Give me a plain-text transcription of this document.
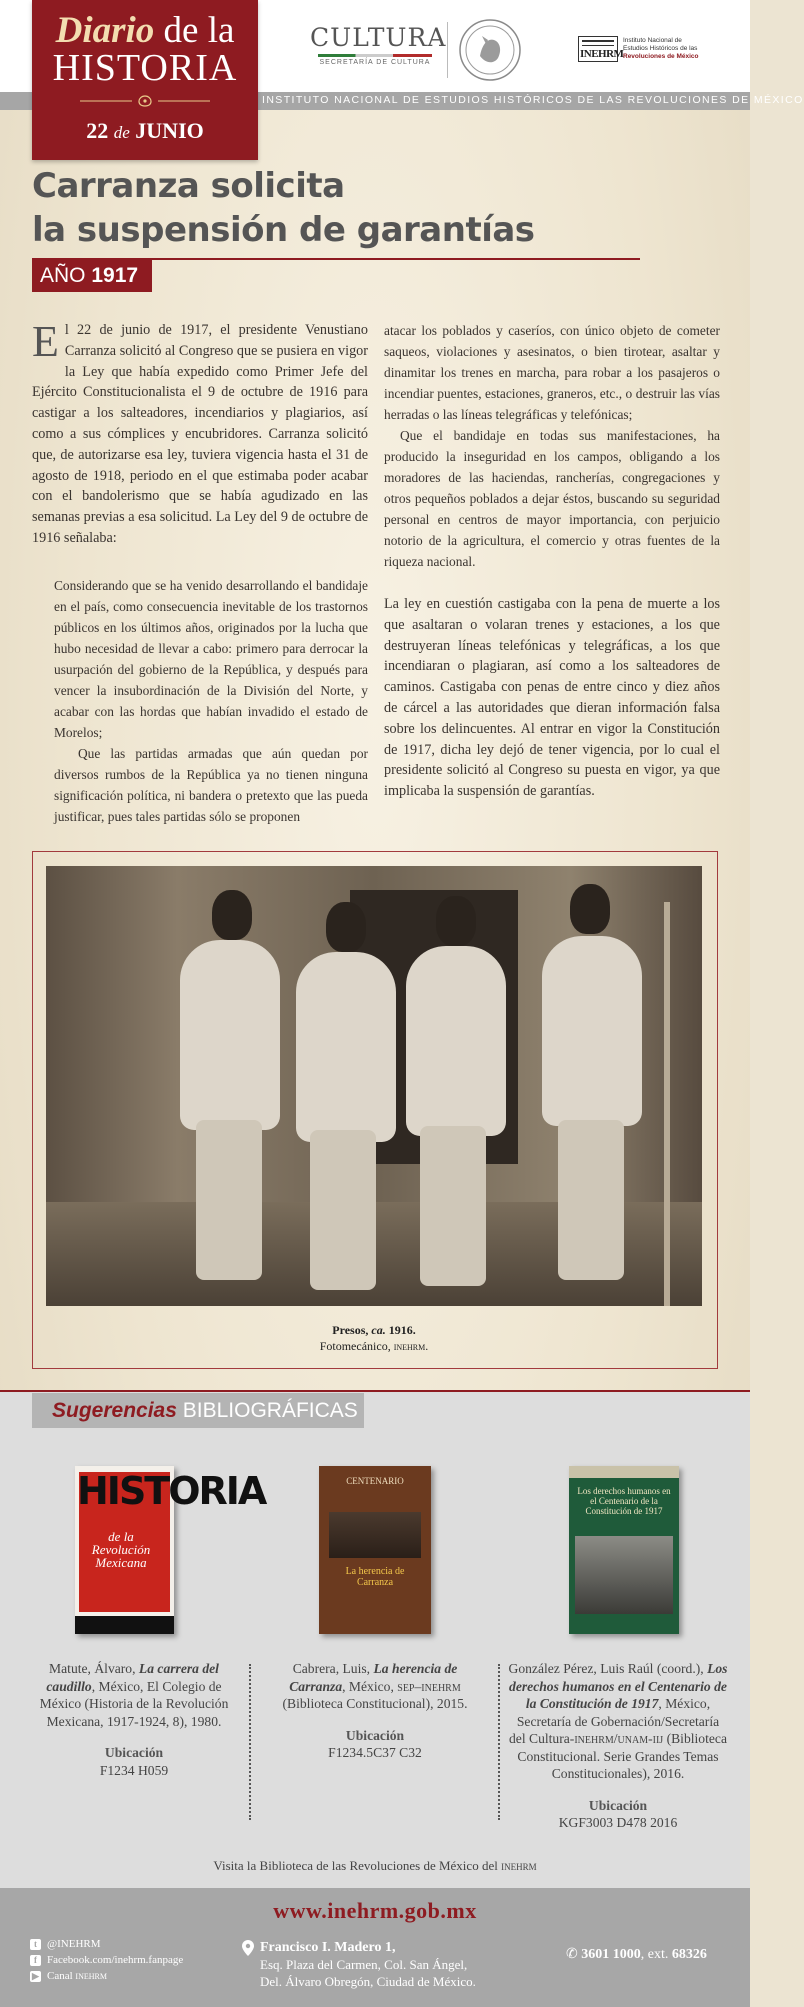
INSTITUTO NACIONAL DE ESTUDIOS HISTÓRICOS DE LAS REVOLUCIONES DE MÉXICO
Diario de la
HISTORIA
22 de JUNIO
CULTURA
SECRETARÍA DE CULTURA
INEHRM
Instituto Nacional de
Estudios Históricos de las
Revoluciones de México
Carranza solicita
la suspensión de garantías
AÑO 1917

El 22 de junio de 1917, el presidente Venustiano Carranza solicitó al Congreso que se pusiera en vigor la Ley que había expedido como Primer Jefe del Ejército Constitucionalista el 9 de octubre de 1916 para castigar a los salteadores, incendiarios y plagiarios, así como a sus cómplices y encubridores. Carranza solicitó que, de autorizarse esa ley, tuviera vigencia hasta el 31 de agosto de 1918, periodo en el que estimaba poder acabar con el bandolerismo que se había agudizado en las semanas previas a esa solicitud. La Ley del 9 de octubre de 1916 señalaba:

Considerando que se ha venido desarrollando el bandidaje en el país, como consecuencia inevitable de los trastornos públicos en los últimos años, originados por la lucha que hubo necesidad de llevar a cabo: primero para derrocar la usurpación del gobierno de la República, y después para vencer la insubordinación de la División del Norte, y acabar con las hordas que habían invadido el estado de Morelos;

Que las partidas armadas que aún quedan por diversos rumbos de la República ya no tienen ninguna significación política, ni bandera o pretexto que las pueda justificar, pues tales partidas sólo se proponen

atacar los poblados y caseríos, con único objeto de cometer saqueos, violaciones y asesinatos, o bien tirotear, asaltar y dinamitar los trenes en marcha, para robar a los pasajeros o incendiar puentes, estaciones, graneros, etc., o destruir las vías herradas o las líneas telegráficas y telefónicas;

Que el bandidaje en todas sus manifestaciones, ha producido la inseguridad en los campos, obligando a los moradores de las haciendas, rancherías, congregaciones y otros pequeños poblados a dejar éstos, buscando su seguridad personal en centros de mayor importancia, con perjuicio notorio de la agricultura, el comercio y otras fuentes de la riqueza nacional.

La ley en cuestión castigaba con la pena de muerte a los que asaltaran o volaran trenes y estaciones, a los que destruyeran líneas telefónicas y telegráficas, a los que incendiaran o plagiaran, así como a los salteadores de caminos. Castigaba con penas de entre cinco y diez años de cárcel a las autoridades que dieran información falsa sobre los delincuentes. Al entrar en vigor la Constitución de 1917, dicha ley dejó de tener vigencia, por lo cual el presidente solicitó al Congreso su puesta en vigor, ya que implicaba la suspensión de garantías.

Presos, ca. 1916.
Fotomecánico, inehrm.
Sugerencias BIBLIOGRÁFICAS
HISTORIA
de la Revolución Mexicana
CENTENARIO
La herencia de Carranza
Los derechos humanos en el Centenario de la Constitución de 1917
Matute, Álvaro, La carrera del caudillo, México, El Colegio de México (Historia de la Revolución Mexicana, 1917-1924, 8), 1980.
Ubicación
F1234 H059
Cabrera, Luis, La herencia de Carranza, México, sep–inehrm (Biblioteca Constitucional), 2015.
Ubicación
F1234.5C37 C32
González Pérez, Luis Raúl (coord.), Los derechos humanos en el Centenario de la Constitución de 1917, México, Secretaría de Gobernación/Secretaría del Cultura-inehrm/unam-iij (Biblioteca Constitucional. Serie Grandes Temas Constitucionales), 2016.
Ubicación
KGF3003 D478 2016
Visita la Biblioteca de las Revoluciones de México del inehrm
www.inehrm.gob.mx
t @INEHRM
f Facebook.com/inehrm.fanpage
▶ Canal inehrm
Francisco I. Madero 1,
Esq. Plaza del Carmen, Col. San Ángel,
Del. Álvaro Obregón, Ciudad de México.
✆ 3601 1000, ext. 68326
